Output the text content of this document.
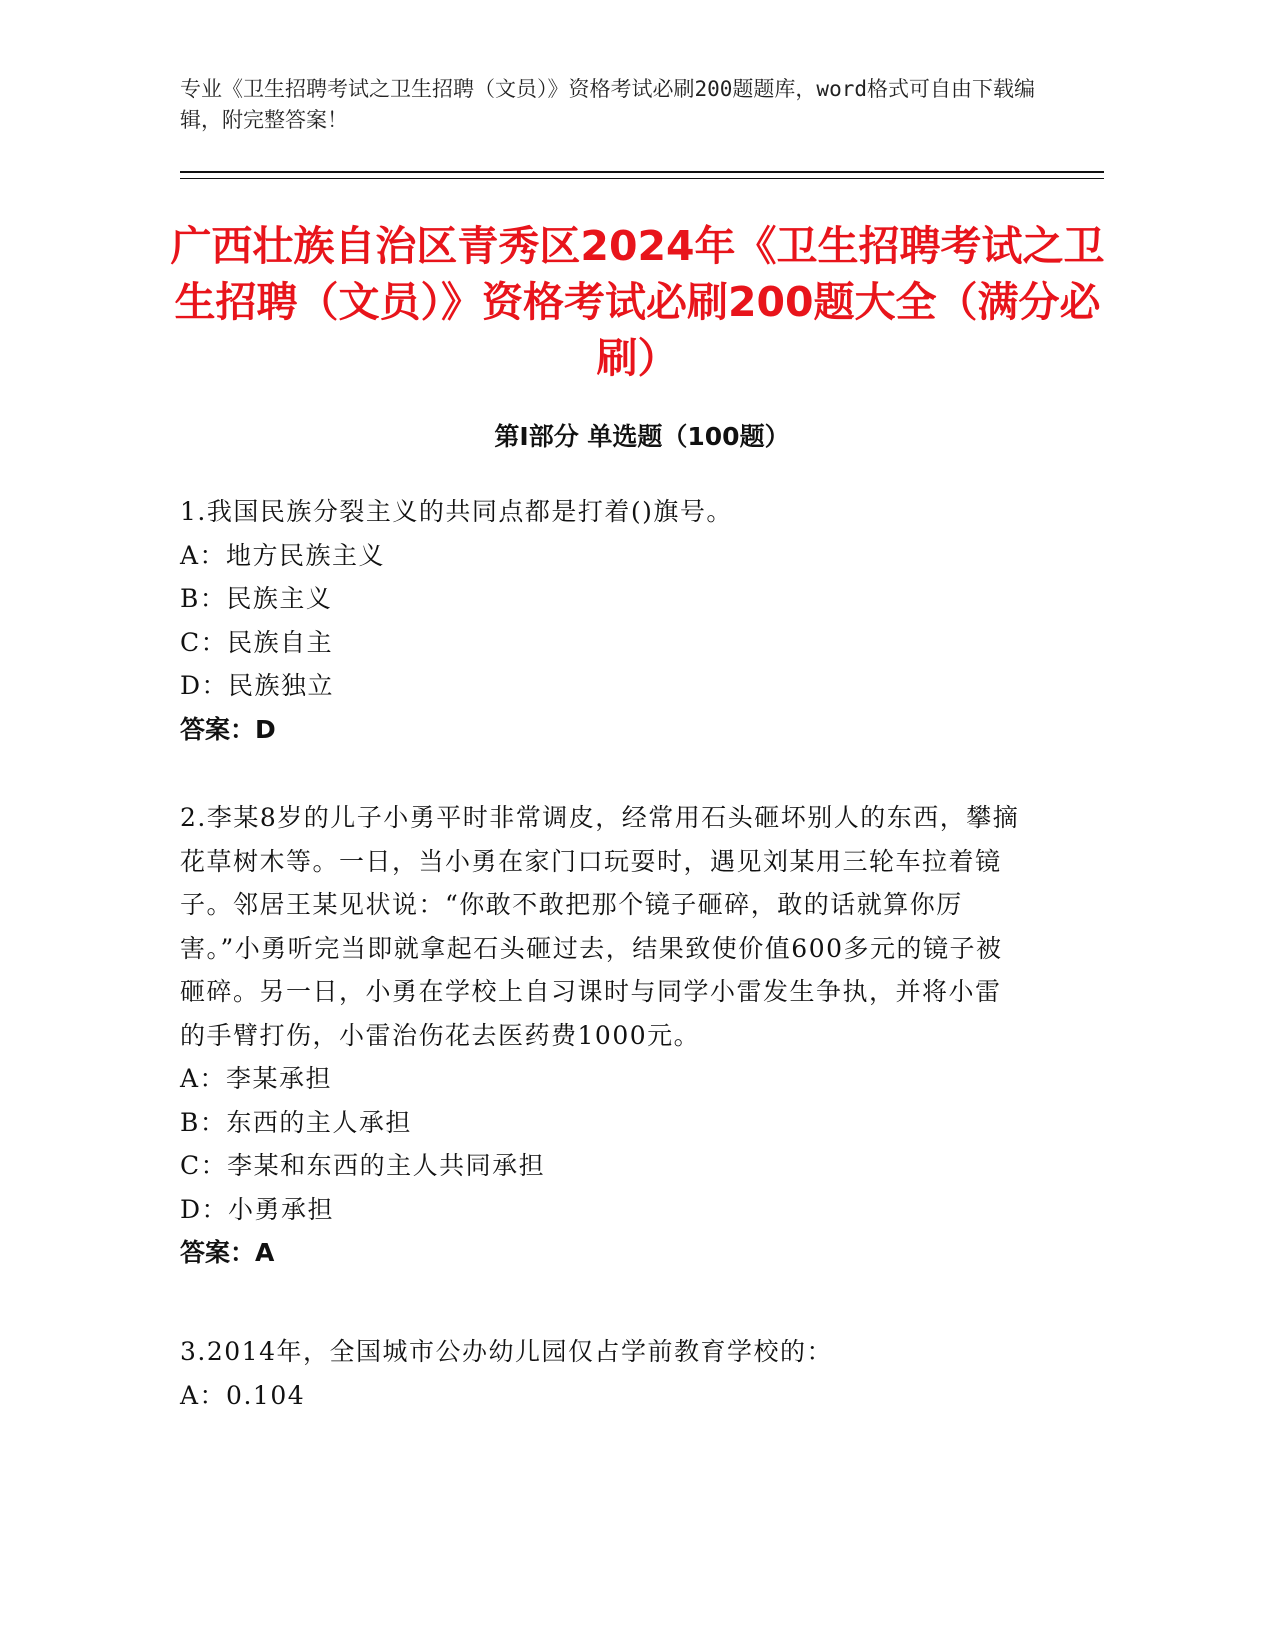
专业《卫生招聘考试之卫生招聘（文员）》资格考试必刷200题题库，word格式可自由下载编辑，附完整答案！
广西壮族自治区青秀区2024年《卫生招聘考试之卫生招聘（文员）》资格考试必刷200题大全（满分必刷）
第I部分 单选题（100题）

1.我国民族分裂主义的共同点都是打着()旗号。

A：地方民族主义

B：民族主义

C：民族自主

D：民族独立

答案：D

2.李某8岁的儿子小勇平时非常调皮，经常用石头砸坏别人的东西，攀摘花草树木等。一日，当小勇在家门口玩耍时，遇见刘某用三轮车拉着镜子。邻居王某见状说：“你敢不敢把那个镜子砸碎，敢的话就算你厉害。”小勇听完当即就拿起石头砸过去，结果致使价值600多元的镜子被砸碎。另一日，小勇在学校上自习课时与同学小雷发生争执，并将小雷的手臂打伤，小雷治伤花去医药费1000元。

A：李某承担

B：东西的主人承担

C：李某和东西的主人共同承担

D：小勇承担

答案：A

3.2014年，全国城市公办幼儿园仅占学前教育学校的：

A：0.104
